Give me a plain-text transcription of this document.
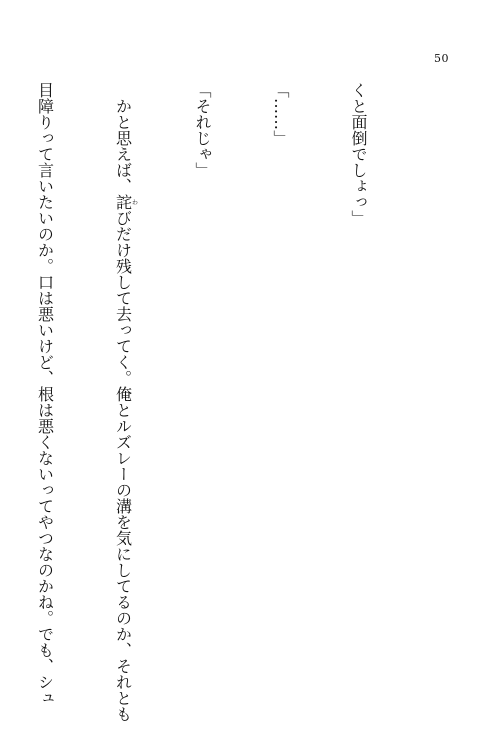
50

くと面倒でしょっ」

「……」

「それじゃ」

　かと思えば、詫わびだけ残して去ってく。俺とルズレーの溝を気にしてるのか、それとも

目障りって言いたいのか。口は悪いけど、根は悪くないってやつなのかね。でも、シュ
